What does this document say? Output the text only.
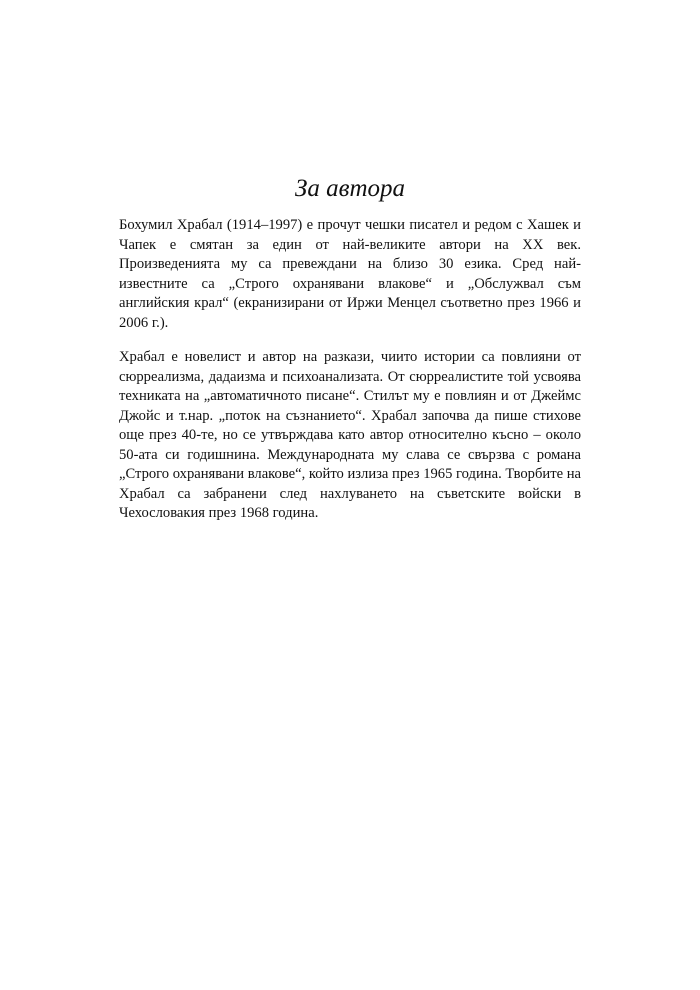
За автора

Бохумил Храбал (1914–1997) е прочут чешки писател и редом с Хашек и Чапек е смятан за един от най-великите автори на ХХ век. Произведенията му са превеждани на близо 30 езика. Сред най-известните са „Строго охранявани влакове“ и „Обслужвал съм английския крал“ (екранизирани от Иржи Менцел съответно през 1966 и 2006 г.).

Храбал е новелист и автор на разкази, чиито истории са повлияни от сюрреализма, дадаизма и психоанализата. От сюрреалистите той усвоява техниката на „автоматичното писане“. Стилът му е повлиян и от Джеймс Джойс и т.нар. „поток на съзнанието“. Храбал започва да пише стихове още през 40-те, но се утвърждава като автор относително късно – около 50-ата си годишнина. Международната му слава се свързва с романа „Строго охранявани влакове“, който излиза през 1965 година. Творбите на Храбал са забранени след нахлуването на съветските войски в Чехословакия през 1968 година.
